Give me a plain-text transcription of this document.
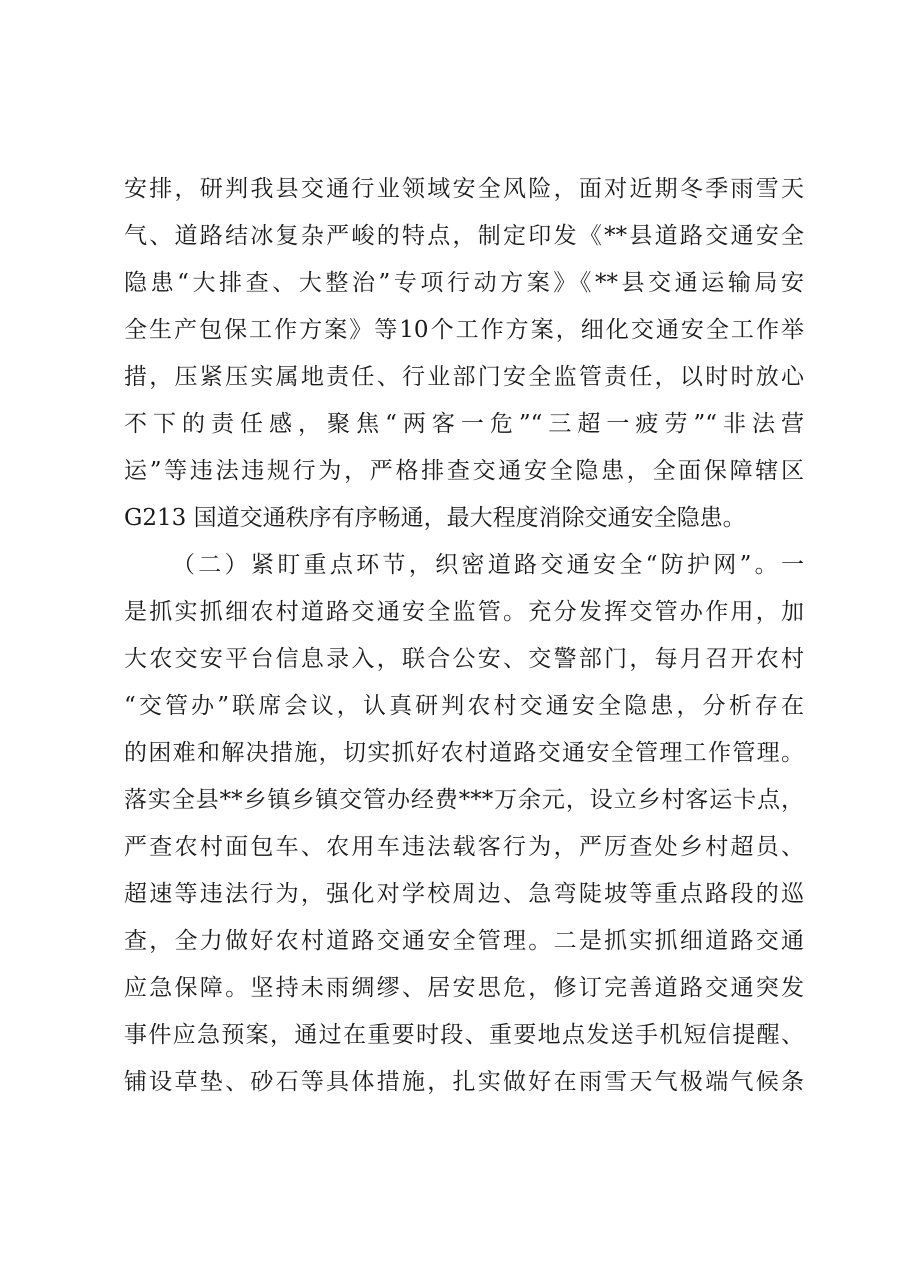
安排，研判我县交通行业领域安全风险，面对近期冬季雨雪天
气、道路结冰复杂严峻的特点，制定印发《**县道路交通安全
隐患“大排查、大整治”专项行动方案》《**县交通运输局安
全生产包保工作方案》等10个工作方案，细化交通安全工作举
措，压紧压实属地责任、行业部门安全监管责任，以时时放心
不下的责任感，聚焦“两客一危”“三超一疲劳”“非法营
运”等违法违规行为，严格排查交通安全隐患，全面保障辖区
G213 国道交通秩序有序畅通，最大程度消除交通安全隐患。
（二）紧盯重点环节，织密道路交通安全“防护网”。一
是抓实抓细农村道路交通安全监管。充分发挥交管办作用，加
大农交安平台信息录入，联合公安、交警部门，每月召开农村
“交管办”联席会议，认真研判农村交通安全隐患，分析存在
的困难和解决措施，切实抓好农村道路交通安全管理工作管理。
落实全县**乡镇乡镇交管办经费***万余元，设立乡村客运卡点，
严查农村面包车、农用车违法载客行为，严厉查处乡村超员、
超速等违法行为，强化对学校周边、急弯陡坡等重点路段的巡
查，全力做好农村道路交通安全管理。二是抓实抓细道路交通
应急保障。坚持未雨绸缪、居安思危，修订完善道路交通突发
事件应急预案，通过在重要时段、重要地点发送手机短信提醒、
铺设草垫、砂石等具体措施，扎实做好在雨雪天气极端气候条
